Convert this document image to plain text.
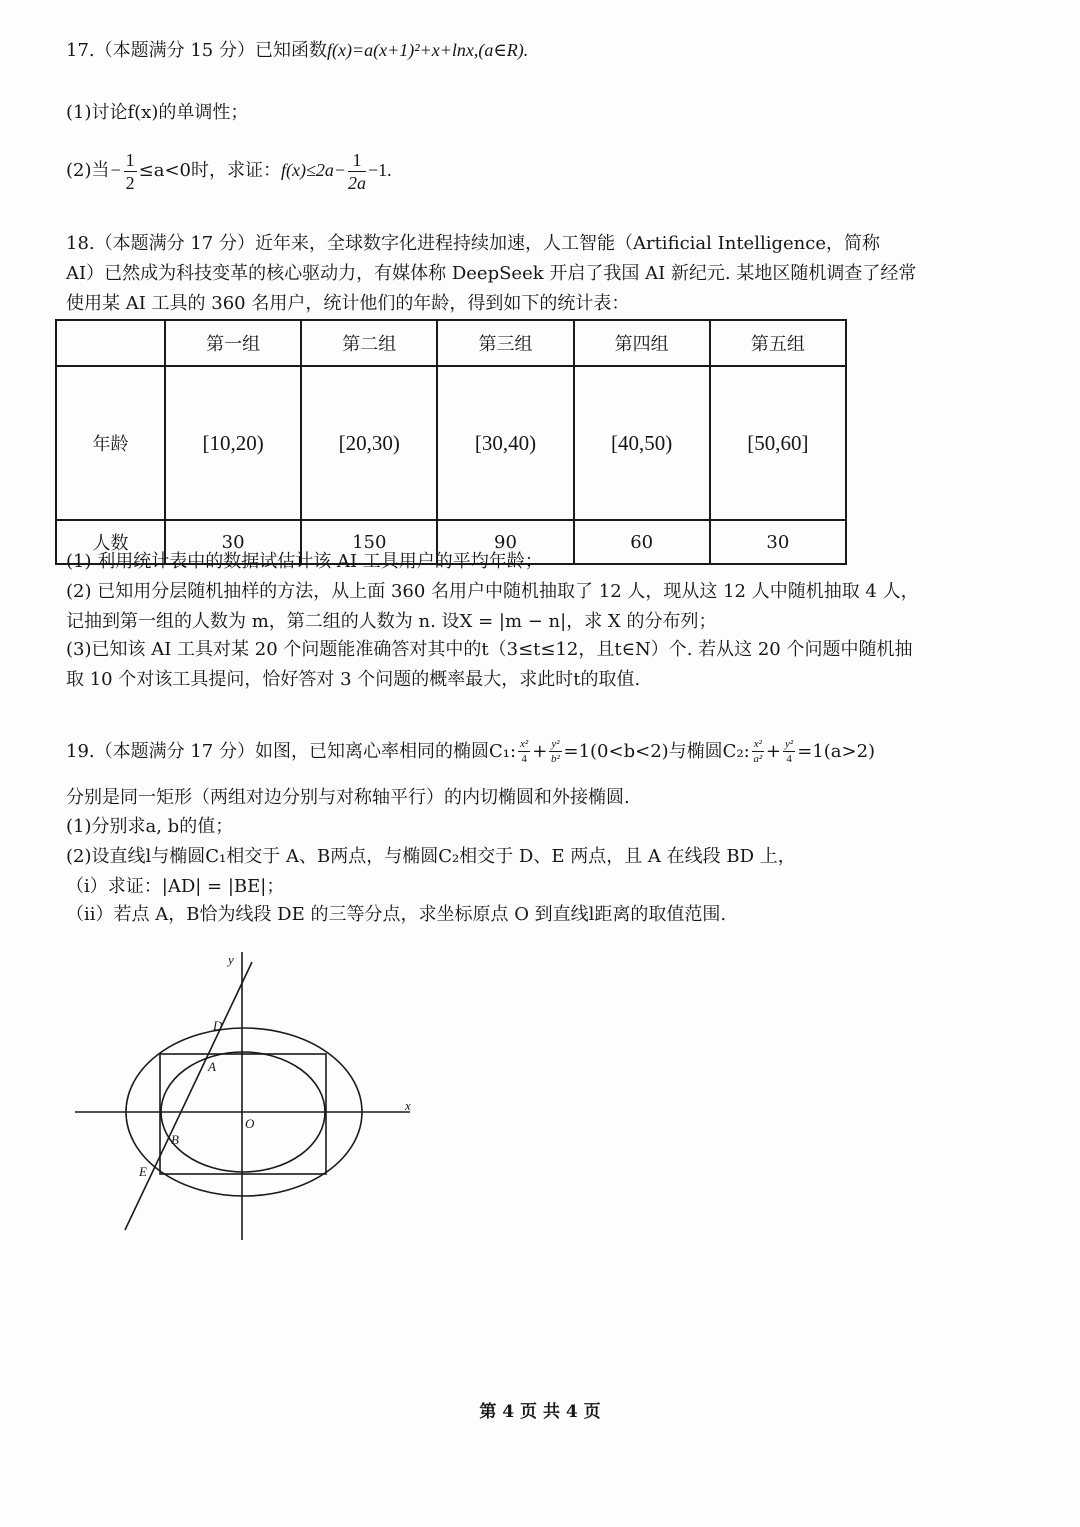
17.（本题满分 15 分）已知函数f(x)=a(x+1)²+x+lnx,(a∈R).
(1)讨论f(x)的单调性；
(2)当− $\frac{1}{2} \le a<0$时，求证：$f(x)\le 2a- \frac{1}{2a} -1$.
18.（本题满分 17 分）近年来，全球数字化进程持续加速，人工智能（Artificial Intelligence，简称
AI）已然成为科技变革的核心驱动力，有媒体称 DeepSeek 开启了我国 AI 新纪元. 某地区随机调查了经常
使用某 AI 工具的 360 名用户，统计他们的年龄，得到如下的统计表：
	第一组	第二组	第三组	第四组	第五组
年龄	[10,20)	[20,30)	[30,40)	[40,50)	[50,60]
人数	30	150	90	60	30
(1) 利用统计表中的数据试估计该 AI 工具用户的平均年龄；
(2) 已知用分层随机抽样的方法，从上面 360 名用户中随机抽取了 12 人，现从这 12 人中随机抽取 4 人，
记抽到第一组的人数为 m，第二组的人数为 n. 设X = |m − n|，求 X 的分布列；
(3)已知该 AI 工具对某 20 个问题能准确答对其中的t（3≤t≤12，且t∈N）个. 若从这 20 个问题中随机抽
取 10 个对该工具提问，恰好答对 3 个问题的概率最大，求此时t的取值.
19.（本题满分 17 分）如图，已知离心率相同的椭圆C₁: $\frac{\text{x²}}{4} + \frac{\text{y²}}{\text{b²}} =1(0<b<2)$与椭圆C₂: $\frac{\text{x²}}{\text{a²}} + \frac{\text{y²}}{4} =1(a>2)$
分别是同一矩形（两组对边分别与对称轴平行）的内切椭圆和外接椭圆.
(1)分别求a, b的值；
(2)设直线l与椭圆C₁相交于 A、B两点，与椭圆C₂相交于 D、E 两点，且 A 在线段 BD 上，
（i）求证：|AD| = |BE|；
（ii）若点 A，B恰为线段 DE 的三等分点，求坐标原点 O 到直线l距离的取值范围.
y
x
O
D
A
B
E
第 4 页 共 4 页
